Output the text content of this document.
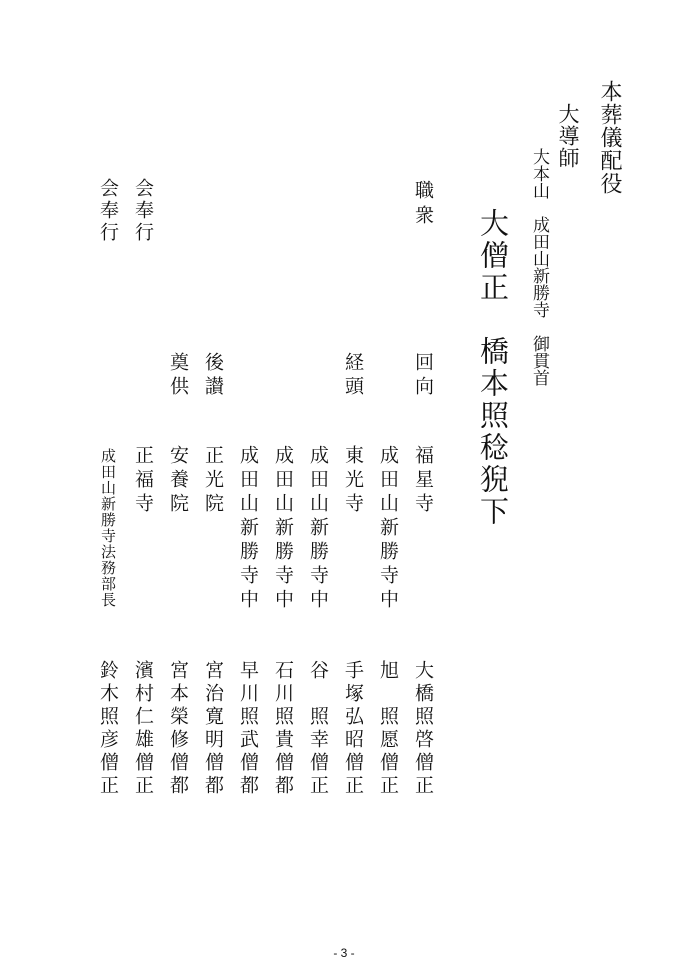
本葬儀配役
大導師
大本山　成田山新勝寺　御貫首
大僧正　橋本照稔猊下
職衆
回向
経頭
後讃
奠供
福星寺
成田山新勝寺中
東光寺
成田山新勝寺中
成田山新勝寺中
成田山新勝寺中
正光院
安養院
正福寺
大橋照啓僧正
旭　照愿僧正
手塚弘昭僧正
谷　照幸僧正
石川照貴僧都
早川照武僧都
宮治寛明僧都
宮本榮修僧都
濱村仁雄僧正
会奉行
会奉行
成田山新勝寺法務部長
鈴木照彦僧正
- 3 -
